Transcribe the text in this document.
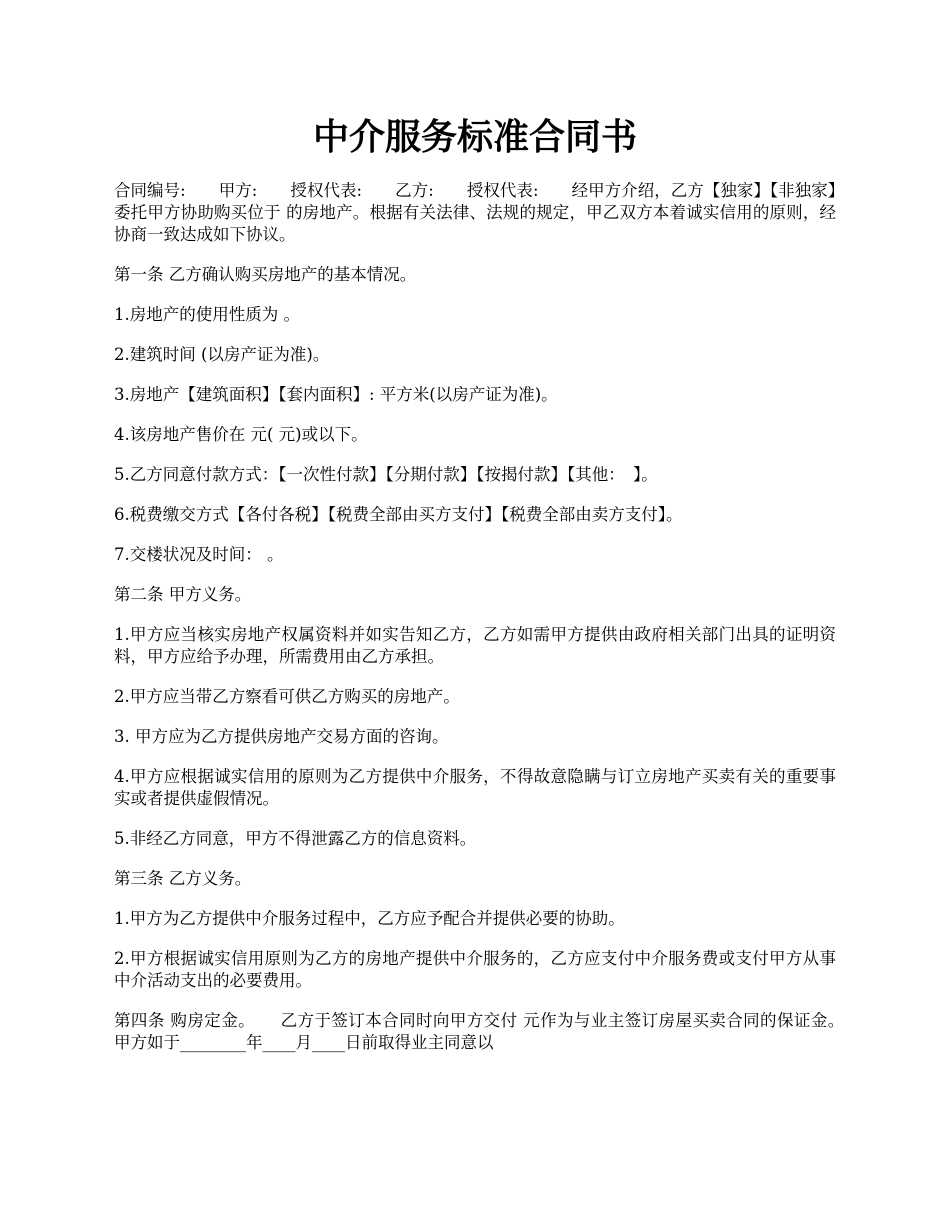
中介服务标准合同书

合同编号:　　甲方:　　授权代表:　　乙方:　　授权代表:　　经甲方介绍，乙方【独家】【非独家】委托甲方协助购买位于 的房地产。根据有关法律、法规的规定，甲乙双方本着诚实信用的原则，经协商一致达成如下协议。

第一条 乙方确认购买房地产的基本情况。

1.房地产的使用性质为 。

2.建筑时间 (以房产证为准)。

3.房地产【建筑面积】【套内面积】: 平方米(以房产证为准)。

4.该房地产售价在 元( 元)或以下。

5.乙方同意付款方式：【一次性付款】【分期付款】【按揭付款】【其他：　】。

6.税费缴交方式【各付各税】【税费全部由买方支付】【税费全部由卖方支付】。

7.交楼状况及时间： 。

第二条 甲方义务。

1.甲方应当核实房地产权属资料并如实告知乙方，乙方如需甲方提供由政府相关部门出具的证明资料，甲方应给予办理，所需费用由乙方承担。

2.甲方应当带乙方察看可供乙方购买的房地产。

3. 甲方应为乙方提供房地产交易方面的咨询。

4.甲方应根据诚实信用的原则为乙方提供中介服务，不得故意隐瞒与订立房地产买卖有关的重要事实或者提供虚假情况。

5.非经乙方同意，甲方不得泄露乙方的信息资料。

第三条 乙方义务。

1.甲方为乙方提供中介服务过程中，乙方应予配合并提供必要的协助。

2.甲方根据诚实信用原则为乙方的房地产提供中介服务的，乙方应支付中介服务费或支付甲方从事中介活动支出的必要费用。

第四条 购房定金。　　乙方于签订本合同时向甲方交付 元作为与业主签订房屋买卖合同的保证金。　　甲方如于________年____月____日前取得业主同意以
